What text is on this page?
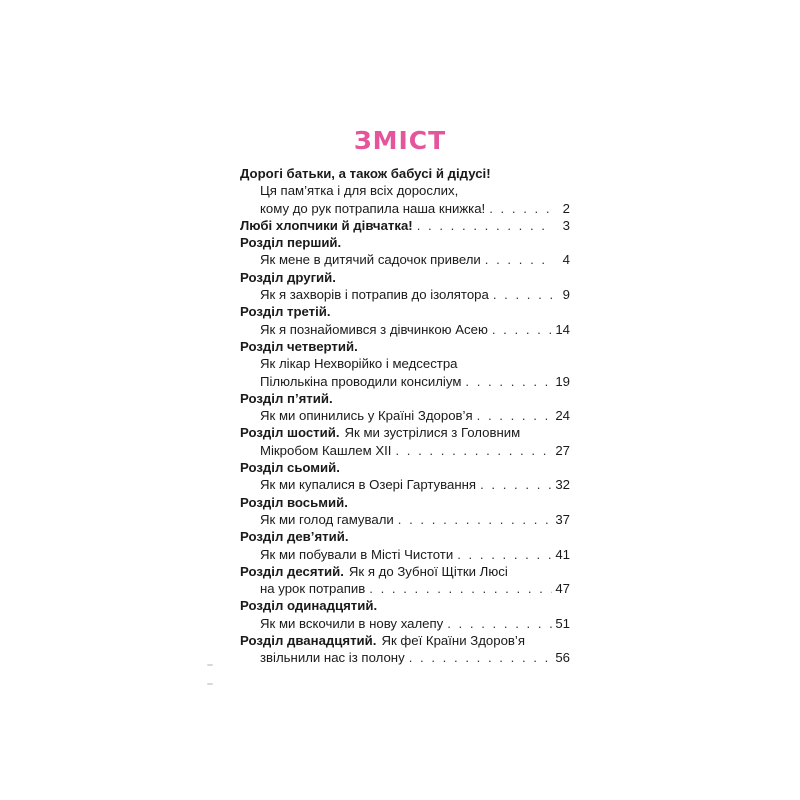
ЗМІСТ
Дорогі батьки, а також бабусі й дідусі!
Ця пам’ятка і для всіх дорослих,
кому до рук потрапила наша книжка! . . .	2
Любі хлопчики й дівчатка! . . .	3
Розділ перший.
Як мене в дитячий садочок привели . . .	4
Розділ другий.
Як я захворів і потрапив до ізолятора . . .	9
Розділ третій.
Як я познайомився з дівчинкою Асею . . .	14
Розділ четвертий.
Як лікар Нехворійко і медсестра
Пілюлькіна проводили консиліум . . .	19
Розділ п’ятий.
Як ми опинились у Країні Здоров’я . . .	24
Розділ шостий. Як ми зустрілися з Головним
Мікробом Кашлем XII . . .	27
Розділ сьомий.
Як ми купалися в Озері Гартування . . .	32
Розділ восьмий.
Як ми голод гамували . . .	37
Розділ дев’ятий.
Як ми побували в Місті Чистоти . . .	41
Розділ десятий. Як я до Зубної Щітки Люсі
на урок потрапив . . .	47
Розділ одинадцятий.
Як ми вскочили в нову халепу . . .	51
Розділ дванадцятий. Як феї Країни Здоров’я
звільнили нас із полону . . .	56
